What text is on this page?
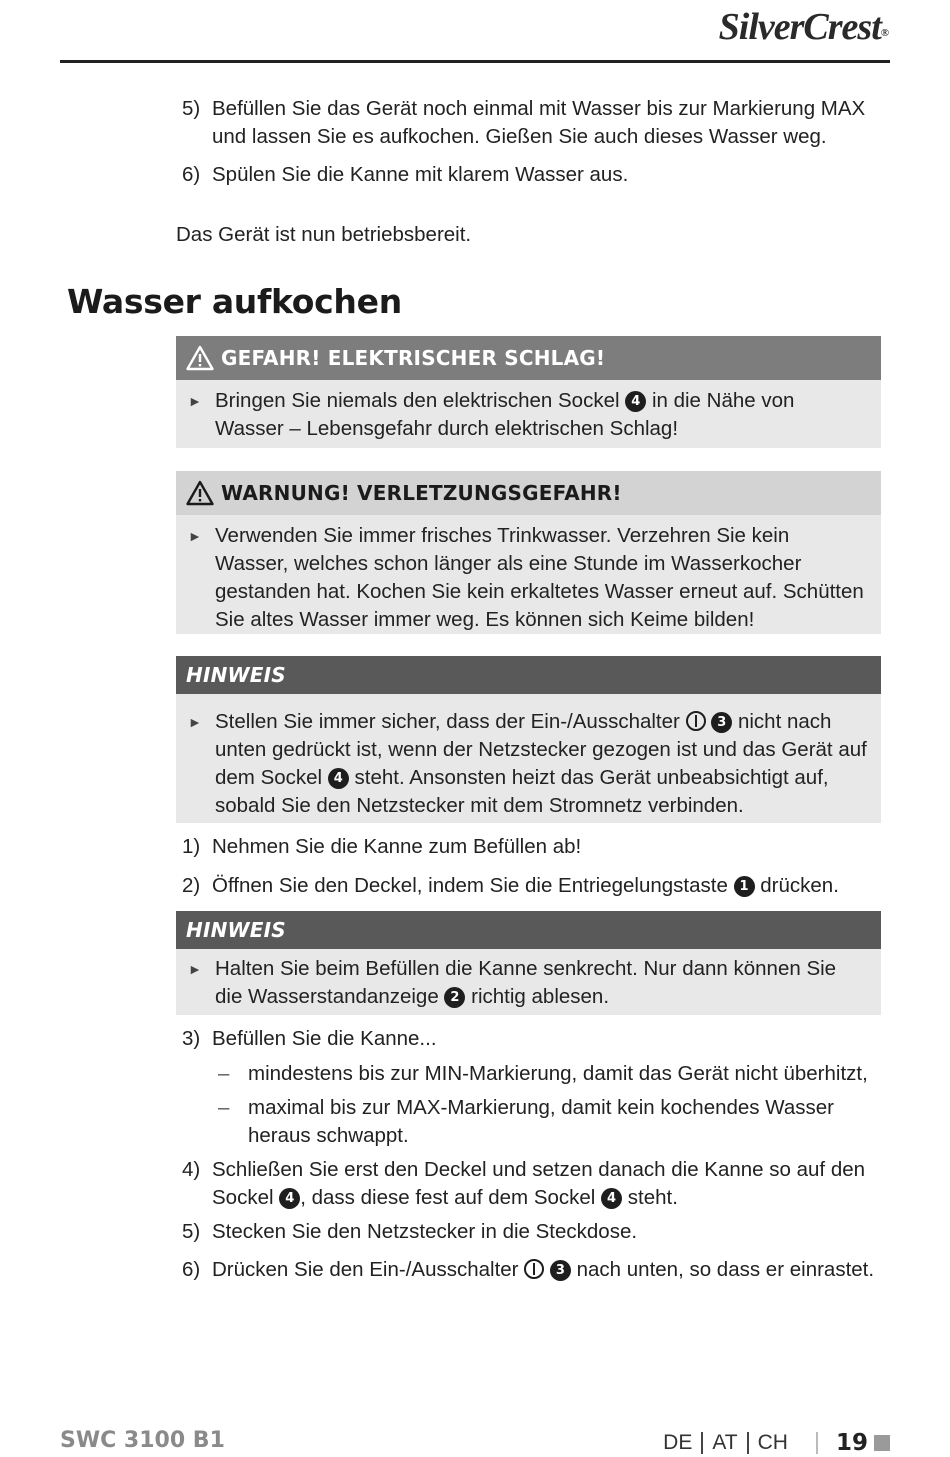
SilverCrest®
5) Befüllen Sie das Gerät noch einmal mit Wasser bis zur Markierung MAX und lassen Sie es aufkochen. Gießen Sie auch dieses Wasser weg.
6) Spülen Sie die Kanne mit klarem Wasser aus.
Das Gerät ist nun betriebsbereit.
Wasser aufkochen
GEFAHR! ELEKTRISCHER SCHLAG!
► Bringen Sie niemals den elektrischen Sockel 4 in die Nähe von Wasser – Lebensgefahr durch elektrischen Schlag!
WARNUNG! VERLETZUNGSGEFAHR!
► Verwenden Sie immer frisches Trinkwasser. Verzehren Sie kein Wasser, welches schon länger als eine Stunde im Wasserkocher gestanden hat. Kochen Sie kein erkaltetes Wasser erneut auf. Schütten Sie altes Wasser immer weg. Es können sich Keime bilden!
HINWEIS
► Stellen Sie immer sicher, dass der Ein-/Ausschalter	3 nicht nach unten gedrückt ist, wenn der Netzstecker gezogen ist und das Gerät auf dem Sockel 4 steht. Ansonsten heizt das Gerät unbeabsichtigt auf, sobald Sie den Netzstecker mit dem Stromnetz verbinden.
1) Nehmen Sie die Kanne zum Befüllen ab!
2) Öffnen Sie den Deckel, indem Sie die Entriegelungstaste 1 drücken.
HINWEIS
► Halten Sie beim Befüllen die Kanne senkrecht. Nur dann können Sie die Wasserstandanzeige 2 richtig ablesen.
3) Befüllen Sie die Kanne...
– mindestens bis zur MIN-Markierung, damit das Gerät nicht überhitzt,
– maximal bis zur MAX-Markierung, damit kein kochendes Wasser heraus schwappt.
4) Schließen Sie erst den Deckel und setzen danach die Kanne so auf den Sockel 4 , dass diese fest auf dem Sockel 4 steht.
5) Stecken Sie den Netzstecker in die Steckdose.
6) Drücken Sie den Ein-/Ausschalter	3 nach unten, so dass er einrastet.
SWC 3100 B1	DE AT CH 19
